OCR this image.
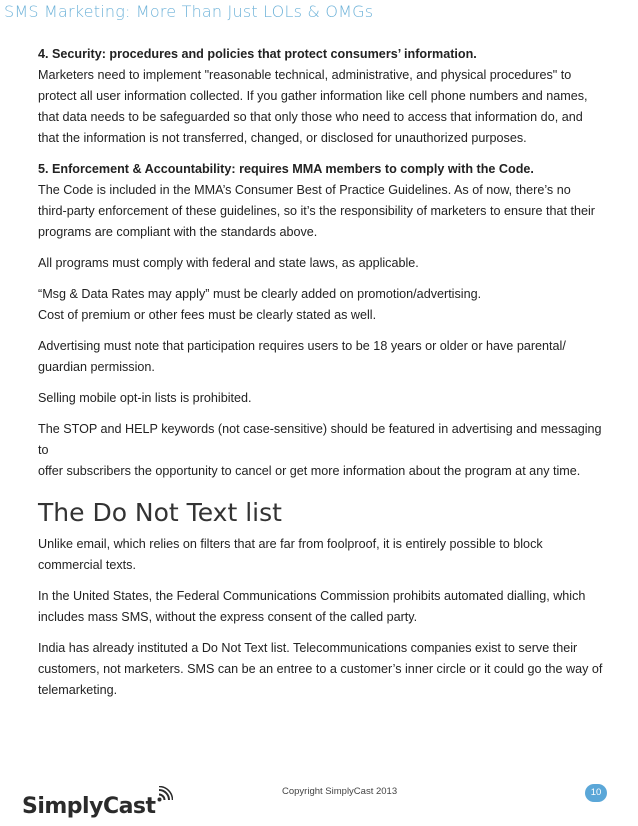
SMS Marketing: More Than Just LOLs & OMGs

4. Security: procedures and policies that protect consumers’ information.
Marketers need to implement "reasonable technical, administrative, and physical procedures" to
protect all user information collected. If you gather information like cell phone numbers and names,
that data needs to be safeguarded so that only those who need to access that information do, and
that the information is not transferred, changed, or disclosed for unauthorized purposes.

5. Enforcement & Accountability: requires MMA members to comply with the Code.
The Code is included in the MMA’s Consumer Best of Practice Guidelines. As of now, there’s no
third-party enforcement of these guidelines, so it’s the responsibility of marketers to ensure that their
programs are compliant with the standards above.

All programs must comply with federal and state laws, as applicable.

“Msg & Data Rates may apply” must be clearly added on promotion/advertising.
Cost of premium or other fees must be clearly stated as well.

Advertising must note that participation requires users to be 18 years or older or have parental/
guardian permission.

Selling mobile opt-in lists is prohibited.

The STOP and HELP keywords (not case-sensitive) should be featured in advertising and messaging to
offer subscribers the opportunity to cancel or get more information about the program at any time.

The Do Not Text list

Unlike email, which relies on filters that are far from foolproof, it is entirely possible to block
commercial texts.

In the United States, the Federal Communications Commission prohibits automated dialling, which
includes mass SMS, without the express consent of the called party.

India has already instituted a Do Not Text list. Telecommunications companies exist to serve their
customers, not marketers. SMS can be an entree to a customer’s inner circle or it could go the way of
telemarketing.

SimplyCast
Copyright SimplyCast 2013	10
